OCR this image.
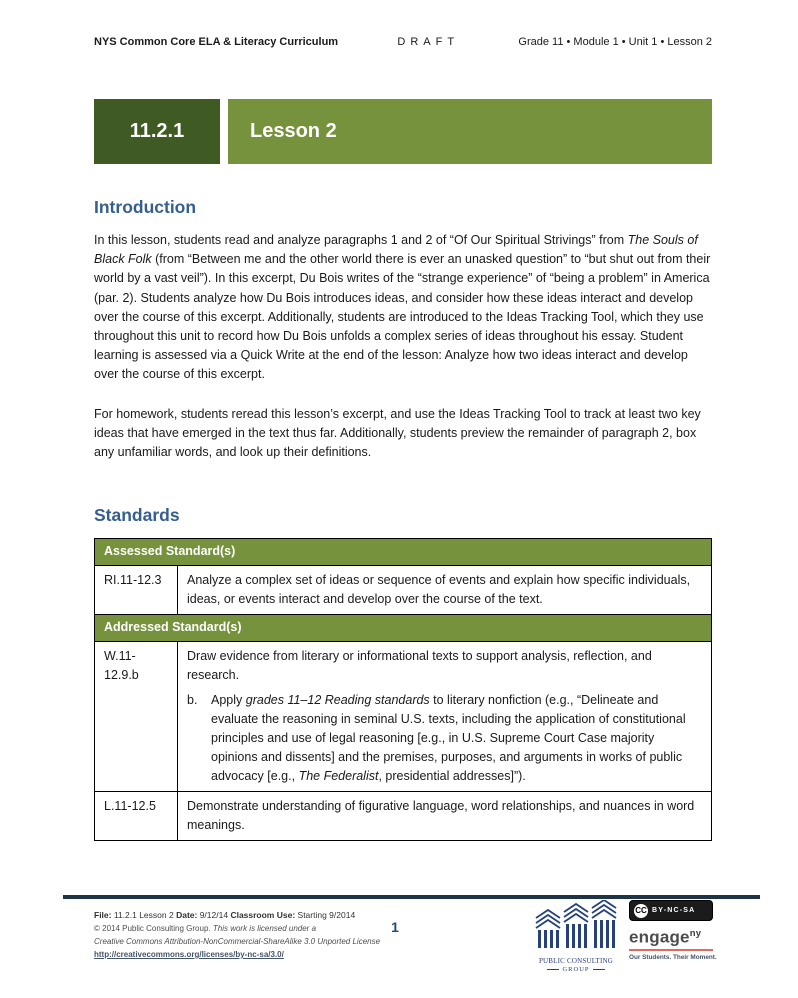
NYS Common Core ELA & Literacy Curriculum	DRAFT	Grade 11 • Module 1 • Unit 1 • Lesson 2
11.2.1	Lesson 2
Introduction

In this lesson, students read and analyze paragraphs 1 and 2 of “Of Our Spiritual Strivings” from The Souls of Black Folk (from “Between me and the other world there is ever an unasked question” to “but shut out from their world by a vast veil”). In this excerpt, Du Bois writes of the “strange experience” of “being a problem” in America (par. 2). Students analyze how Du Bois introduces ideas, and consider how these ideas interact and develop over the course of this excerpt. Additionally, students are introduced to the Ideas Tracking Tool, which they use throughout this unit to record how Du Bois unfolds a complex series of ideas throughout his essay. Student learning is assessed via a Quick Write at the end of the lesson: Analyze how two ideas interact and develop over the course of this excerpt.

For homework, students reread this lesson’s excerpt, and use the Ideas Tracking Tool to track at least two key ideas that have emerged in the text thus far. Additionally, students preview the remainder of paragraph 2, box any unfamiliar words, and look up their definitions.

Standards
Assessed Standard(s)	
RI.11-12.3	Analyze a complex set of ideas or sequence of events and explain how specific individuals, ideas, or events interact and develop over the course of the text.
Addressed Standard(s)	
W.11-12.9.b	Draw evidence from literary or informational texts to support analysis, reflection, and research.

b. Apply grades 11–12 Reading standards to literary nonfiction (e.g., “Delineate and evaluate the reasoning in seminal U.S. texts, including the application of constitutional principles and use of legal reasoning [e.g., in U.S. Supreme Court Case majority opinions and dissents] and the premises, purposes, and arguments in works of public advocacy [e.g., The Federalist, presidential addresses]”).

L.11-12.5	Demonstrate understanding of figurative language, word relationships, and nuances in word meanings.
File: 11.2.1 Lesson 2 Date: 9/12/14 Classroom Use: Starting 9/2014
© 2014 Public Consulting Group. This work is licensed under a
Creative Commons Attribution-NonCommercial-ShareAlike 3.0 Unported License
http://creativecommons.org/licenses/by-nc-sa/3.0/
1
PUBLIC CONSULTING
GROUP
CC BY-NC-SA
engage$^{ny}$
Our Students. Their Moment.
